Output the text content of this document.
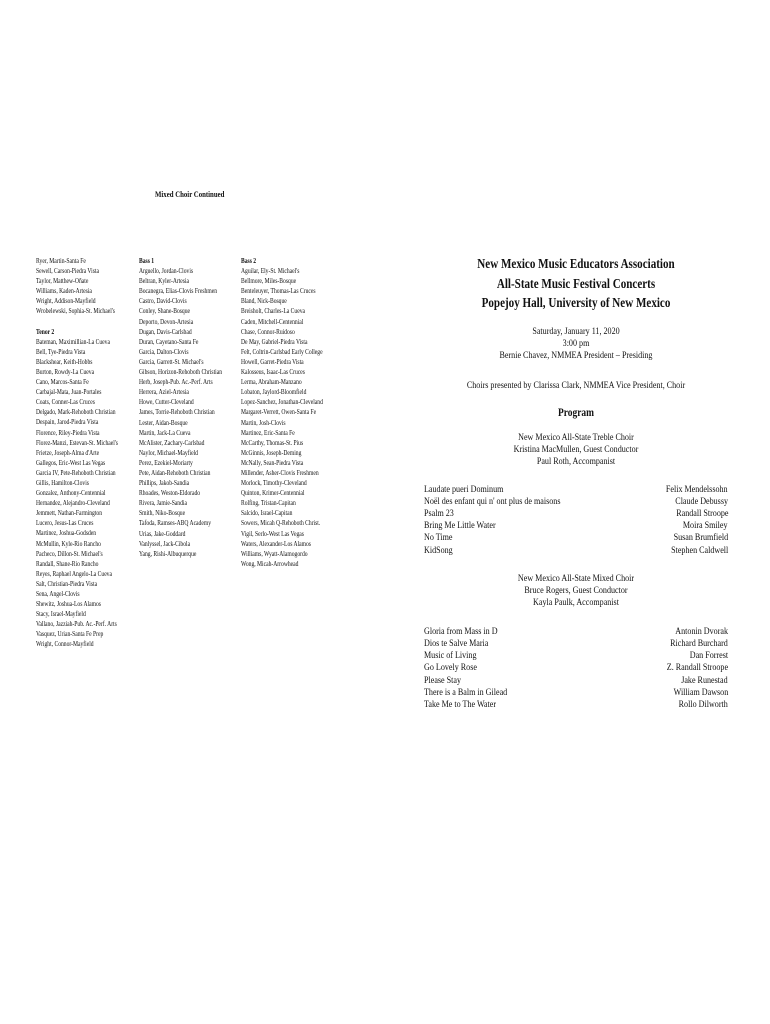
Mixed Choir Continued
Ryer, Martin-Santa Fe
Sewell, Carson-Piedra Vista
Taylor, Matthew-Oñate
Williams, Kaden-Artesia
Wright, Addison-Mayfield
Wrobelewski, Sophia-St. Michael's
Tenor 2
Bateman, Maximillian-La Cueva
Bell, Tye-Piedra Vista
Blackshear, Keith-Hobbs
Burton, Rowdy-La Cueva
Cano, Marcos-Santa Fe
Carbajal-Mata, Juan-Portales
Coats, Conner-Las Cruces
Delgado, Mark-Rehoboth Christian
Despain, Jarod-Piedra Vista
Florence, Riley-Piedra Vista
Florez-Manzi, Estevan-St. Michael's
Frietze, Joseph-Alma d'Arte
Gallegos, Eric-West Las Vegas
Garcia IV, Pete-Rehoboth Christian
Gillis, Hamilton-Clovis
Gonzalez, Anthony-Centennial
Hernandez, Alejandro-Cleveland
Jemmett, Nathan-Farmington
Lucero, Jesus-Las Cruces
Martinez, Joshua-Godsden
McMullin, Kyle-Rio Rancho
Pacheco, Dillon-St. Michael's
Randall, Shane-Rio Rancho
Reyes, Raphael Angelo-La Cueva
Salt, Christian-Piedra Vista
Sena, Angel-Clovis
Shewitz, Joshua-Los Alamos
Stacy, Israel-Mayfield
Vallano, Jazziah-Pub. Ac.-Perf. Arts
Vasquez, Urian-Santa Fe Prep
Wright, Connor-Mayfield
Bass 1
Arguello, Jordan-Clovis
Beltran, Kyler-Artesia
Bocanegra, Elias-Clovis Freshmen
Castro, David-Clovis
Conley, Shane-Bosque
Deporto, Devon-Artesia
Dugan, Davis-Carlsbad
Duran, Cayetano-Santa Fe
Garcia, Dalton-Clovis
Garcia, Garrett-St. Michael's
Gibson, Horizon-Rehoboth Christian
Herb, Joseph-Pub. Ac.-Perf. Arts
Herrera, Aziel-Artesia
Howe, Cutter-Cleveland
James, Torrie-Rehoboth Christian
Lester, Aidan-Bosque
Martin, Jack-La Cueva
McAlister, Zachary-Carlsbad
Naylor, Michael-Mayfield
Perez, Ezekiel-Moriarty
Pete, Aidan-Rehoboth Christian
Phillips, Jakob-Sandia
Rhoades, Weston-Eldorado
Rivera, Jamie-Sandia
Smith, Niko-Bosque
Tafoda, Ramses-ABQ Academy
Urias, Jake-Goddard
Vanlyssel, Jack-Cibola
Yang, Rishi-Albuquerque
Bass 2
Aguilar, Ely-St. Michael's
Bellmore, Miles-Bosque
Benteleuyer, Thomas-Las Cruces
Bland, Nick-Bosque
Breisholt, Charles-La Cueva
Caden, Mitchell-Centennial
Chase, Connor-Ruidoso
De May, Gabriel-Piedra Vista
Felt, Coltrin-Carlsbad Early College
Howell, Garret-Piedra Vista
Kalosseus, Isaac-Las Cruces
Lerma, Abraham-Manzano
Lobaton, Jaylord-Bloomfield
Lopez-Sanchez, Jonathan-Cleveland
Margaret-Verrett, Owen-Santa Fe
Martin, Josh-Clovis
Martinez, Eric-Santa Fe
McCarthy, Thomas-St. Pius
McGinnis, Joseph-Deming
McNally, Sean-Piedra Vista
Millender, Asher-Clovis Freshmen
Morlock, Timothy-Cleveland
Quinton, Krimer-Centennial
Rolfing, Tristan-Capitan
Salcido, Israel-Capitan
Sowers, Micah Q-Rehoboth Christ.
Vigil, Serlo-West Las Vegas
Waters, Alexander-Los Alamos
Williams, Wyatt-Alamogordo
Wong, Micah-Arrowhead
New Mexico Music Educators Association
All-State Music Festival Concerts
Popejoy Hall, University of New Mexico
Saturday, January 11, 2020
3:00 pm
Bernie Chavez, NMMEA President – Presiding
Choirs presented by Clarissa Clark, NMMEA Vice President, Choir
Program
New Mexico All-State Treble Choir
Kristina MacMullen, Guest Conductor
Paul Roth, Accompanist
Laudate pueri Dominum	Felix Mendelssohn
Noël des enfant qui n' ont plus de maisons	Claude Debussy
Psalm 23	Randall Stroope
Bring Me Little Water	Moira Smiley
No Time	Susan Brumfield
KidSong	Stephen Caldwell
New Mexico All-State Mixed Choir
Bruce Rogers, Guest Conductor
Kayla Paulk, Accompanist
Gloria from Mass in D	Antonin Dvorak
Dios te Salve Maria	Richard Burchard
Music of Living	Dan Forrest
Go Lovely Rose	Z. Randall Stroope
Please Stay	Jake Runestad
There is a Balm in Gilead	William Dawson
Take Me to The Water	Rollo Dilworth
